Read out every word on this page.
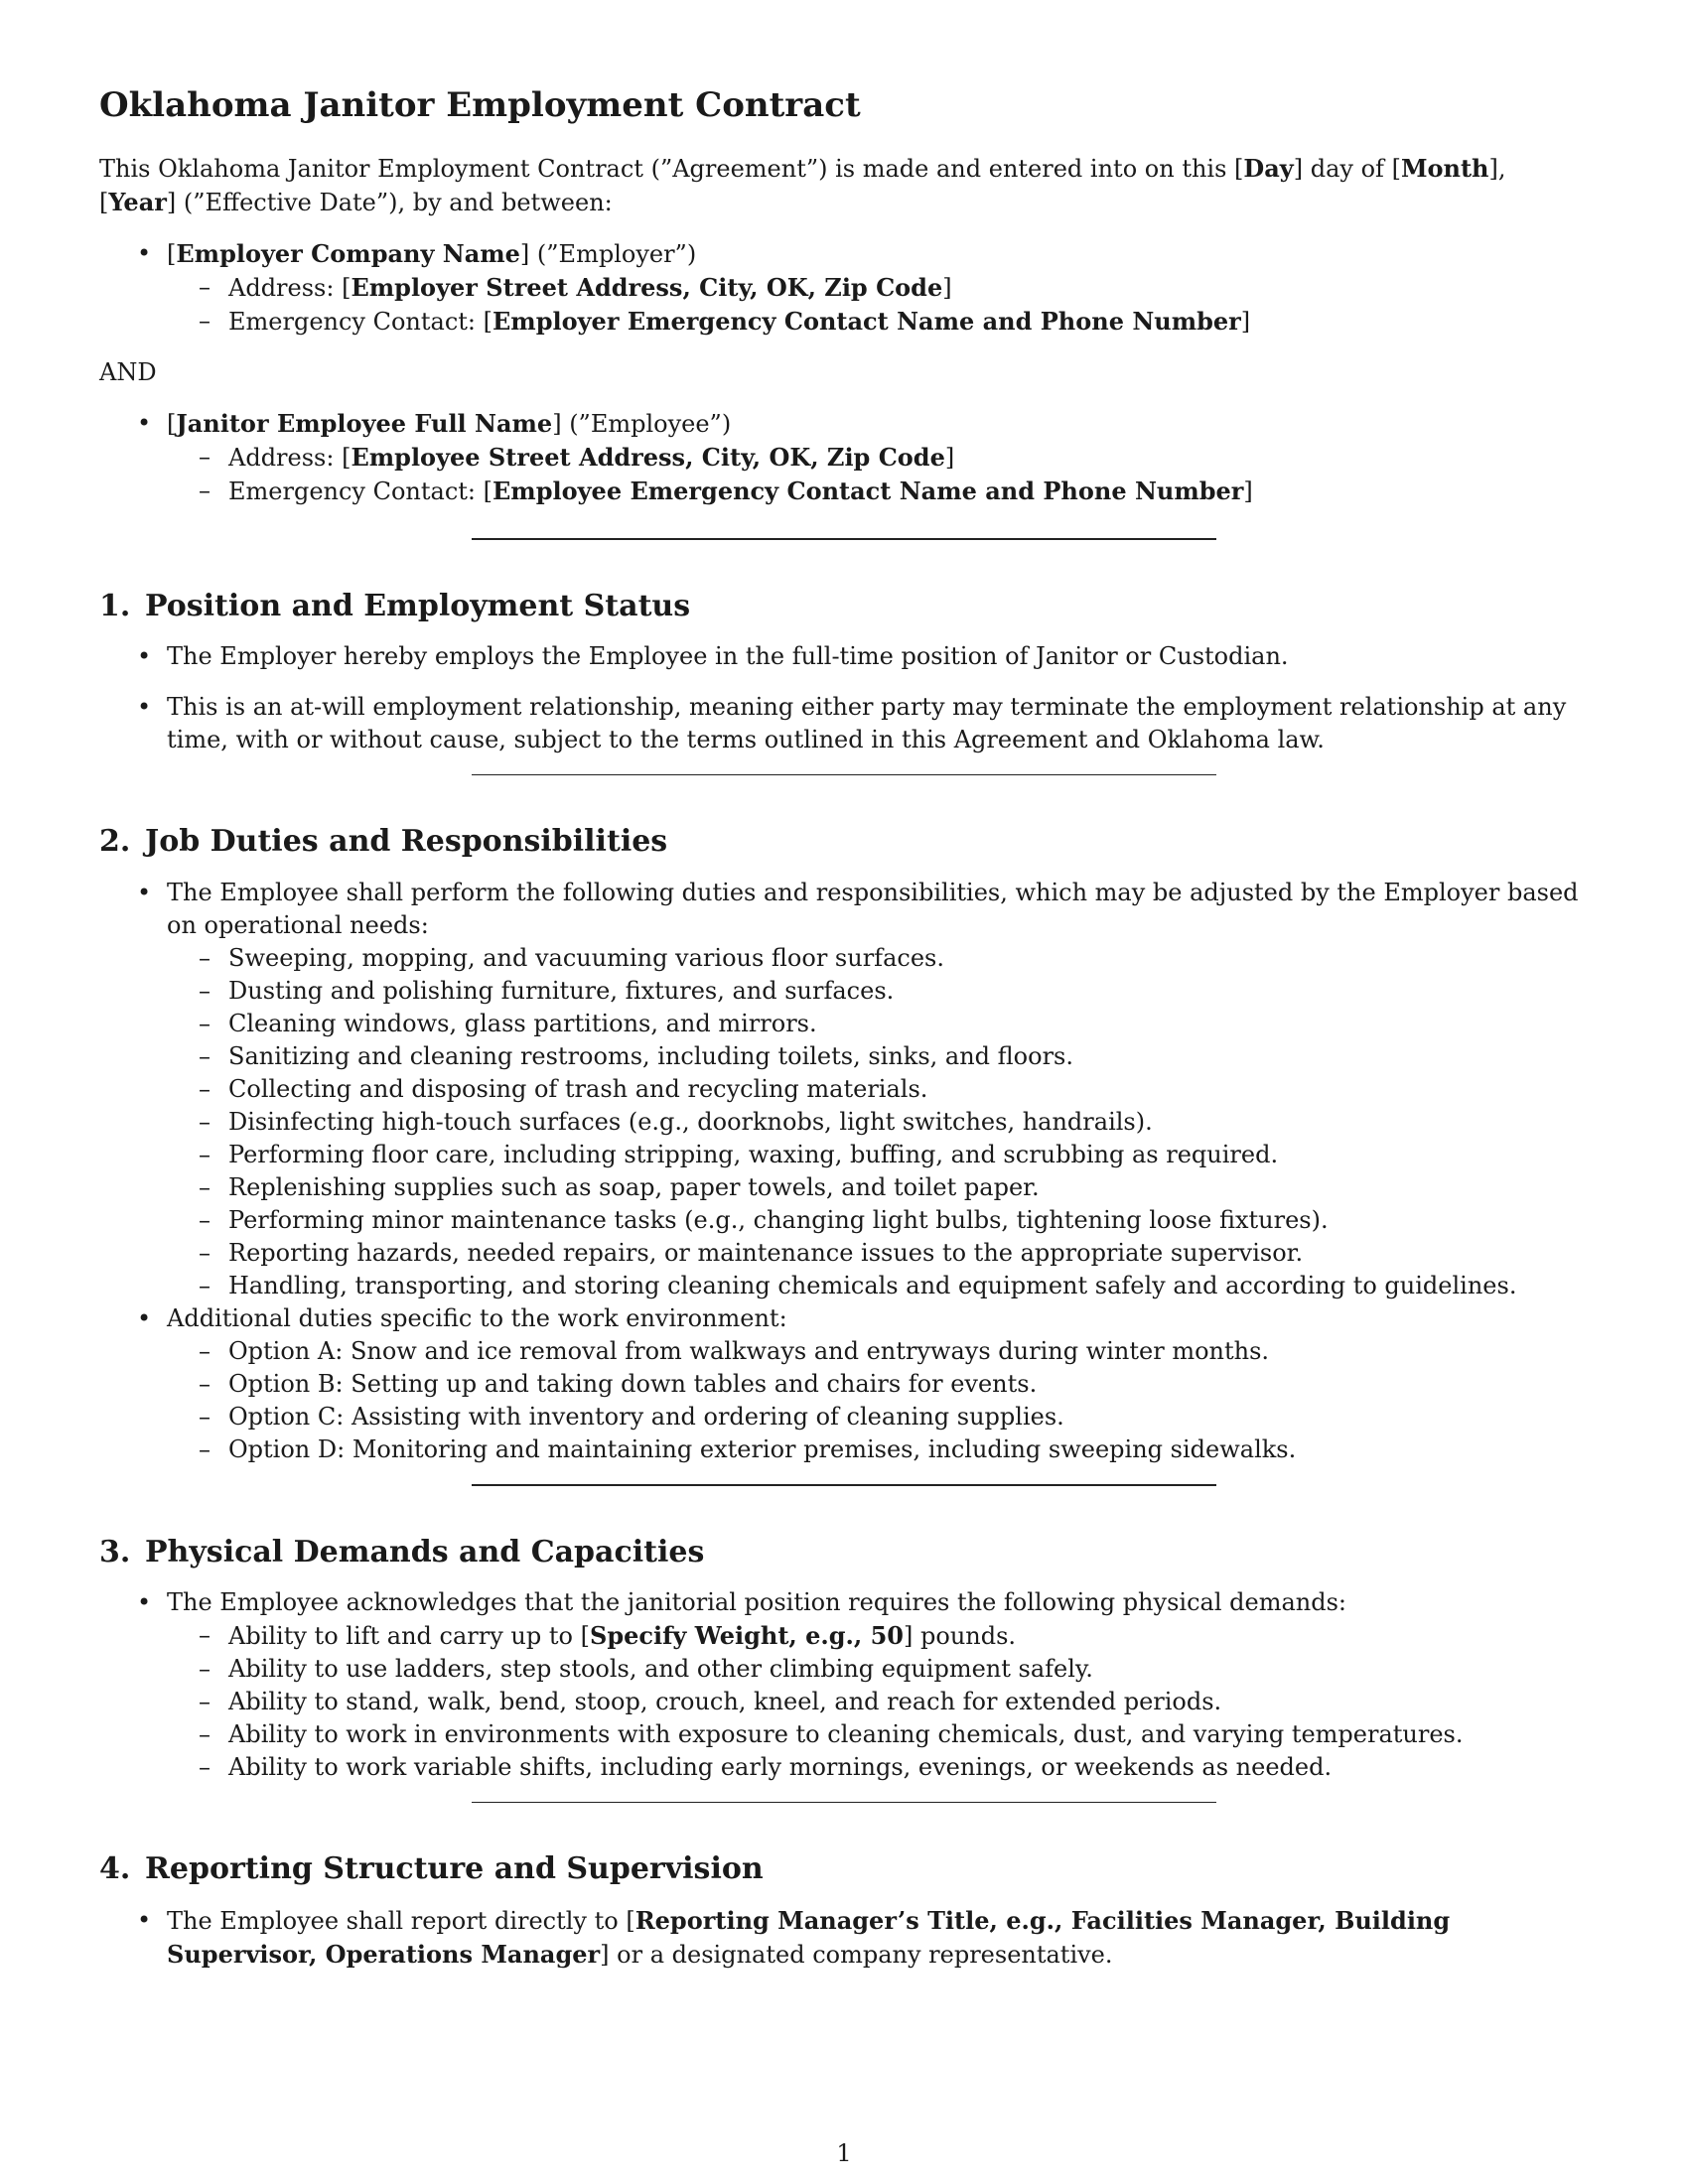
Oklahoma Janitor Employment Contract

This Oklahoma Janitor Employment Contract (”Agreement”) is made and entered into on this [Day] day of [Month], [Year] (”Effective Date”), by and between:

• [Employer Company Name] (”Employer”)
– Address: [Employer Street Address, City, OK, Zip Code]
– Emergency Contact: [Employer Emergency Contact Name and Phone Number]

AND

• [Janitor Employee Full Name] (”Employee”)
– Address: [Employee Street Address, City, OK, Zip Code]
– Emergency Contact: [Employee Emergency Contact Name and Phone Number]
1. Position and Employment Status
• The Employer hereby employs the Employee in the full-time position of Janitor or Custodian.
• This is an at-will employment relationship, meaning either party may terminate the employment relationship at any time, with or without cause, subject to the terms outlined in this Agreement and Oklahoma law.
2. Job Duties and Responsibilities
• The Employee shall perform the following duties and responsibilities, which may be adjusted by the Employer based on operational needs:
– Sweeping, mopping, and vacuuming various floor surfaces.
– Dusting and polishing furniture, fixtures, and surfaces.
– Cleaning windows, glass partitions, and mirrors.
– Sanitizing and cleaning restrooms, including toilets, sinks, and floors.
– Collecting and disposing of trash and recycling materials.
– Disinfecting high-touch surfaces (e.g., doorknobs, light switches, handrails).
– Performing floor care, including stripping, waxing, buffing, and scrubbing as required.
– Replenishing supplies such as soap, paper towels, and toilet paper.
– Performing minor maintenance tasks (e.g., changing light bulbs, tightening loose fixtures).
– Reporting hazards, needed repairs, or maintenance issues to the appropriate supervisor.
– Handling, transporting, and storing cleaning chemicals and equipment safely and according to guidelines.
• Additional duties specific to the work environment:
– Option A: Snow and ice removal from walkways and entryways during winter months.
– Option B: Setting up and taking down tables and chairs for events.
– Option C: Assisting with inventory and ordering of cleaning supplies.
– Option D: Monitoring and maintaining exterior premises, including sweeping sidewalks.
3. Physical Demands and Capacities
• The Employee acknowledges that the janitorial position requires the following physical demands:
– Ability to lift and carry up to [Specify Weight, e.g., 50] pounds.
– Ability to use ladders, step stools, and other climbing equipment safely.
– Ability to stand, walk, bend, stoop, crouch, kneel, and reach for extended periods.
– Ability to work in environments with exposure to cleaning chemicals, dust, and varying temperatures.
– Ability to work variable shifts, including early mornings, evenings, or weekends as needed.
4. Reporting Structure and Supervision
• The Employee shall report directly to [Reporting Manager’s Title, e.g., Facilities Manager, Building Supervisor, Operations Manager] or a designated company representative.
1
